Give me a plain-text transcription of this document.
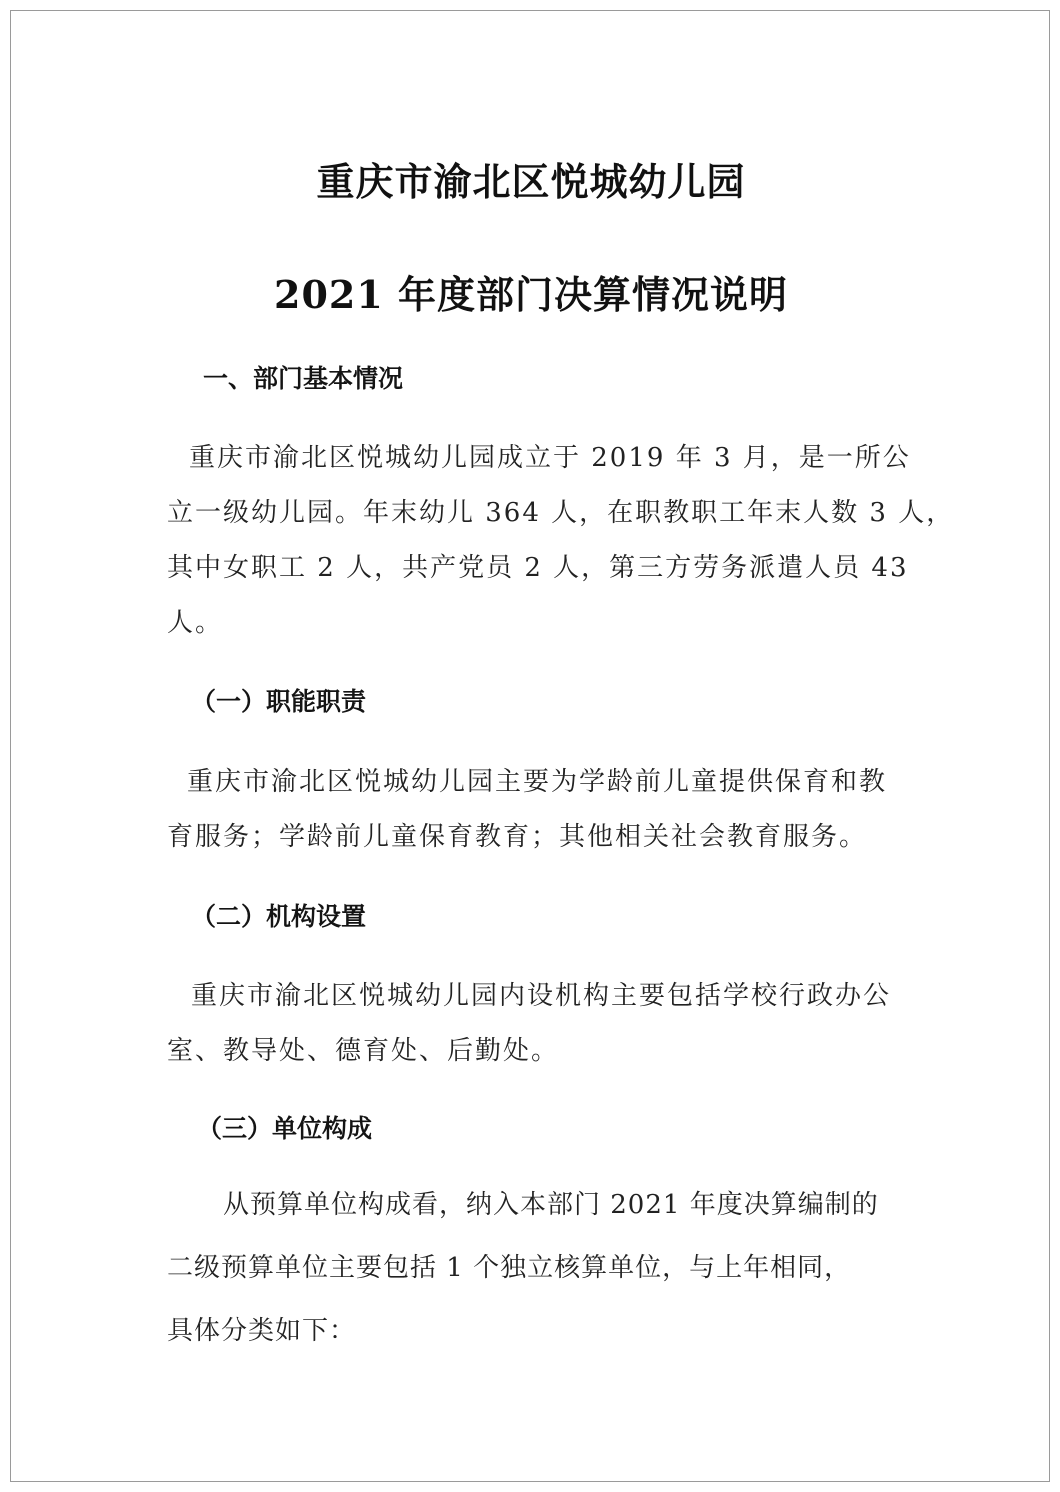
重庆市渝北区悦城幼儿园
2021 年度部门决算情况说明
一、部门基本情况
重庆市渝北区悦城幼儿园成立于 2019 年 3 月，是一所公
立一级幼儿园。年末幼儿 364 人，在职教职工年末人数 3 人，
其中女职工 2 人，共产党员 2 人，第三方劳务派遣人员 43
人。
（一）职能职责
重庆市渝北区悦城幼儿园主要为学龄前儿童提供保育和教
育服务；学龄前儿童保育教育；其他相关社会教育服务。
（二）机构设置
重庆市渝北区悦城幼儿园内设机构主要包括学校行政办公
室、教导处、德育处、后勤处。
（三）单位构成
从预算单位构成看，纳入本部门 2021 年度决算编制的
二级预算单位主要包括 1 个独立核算单位，与上年相同，
具体分类如下：
